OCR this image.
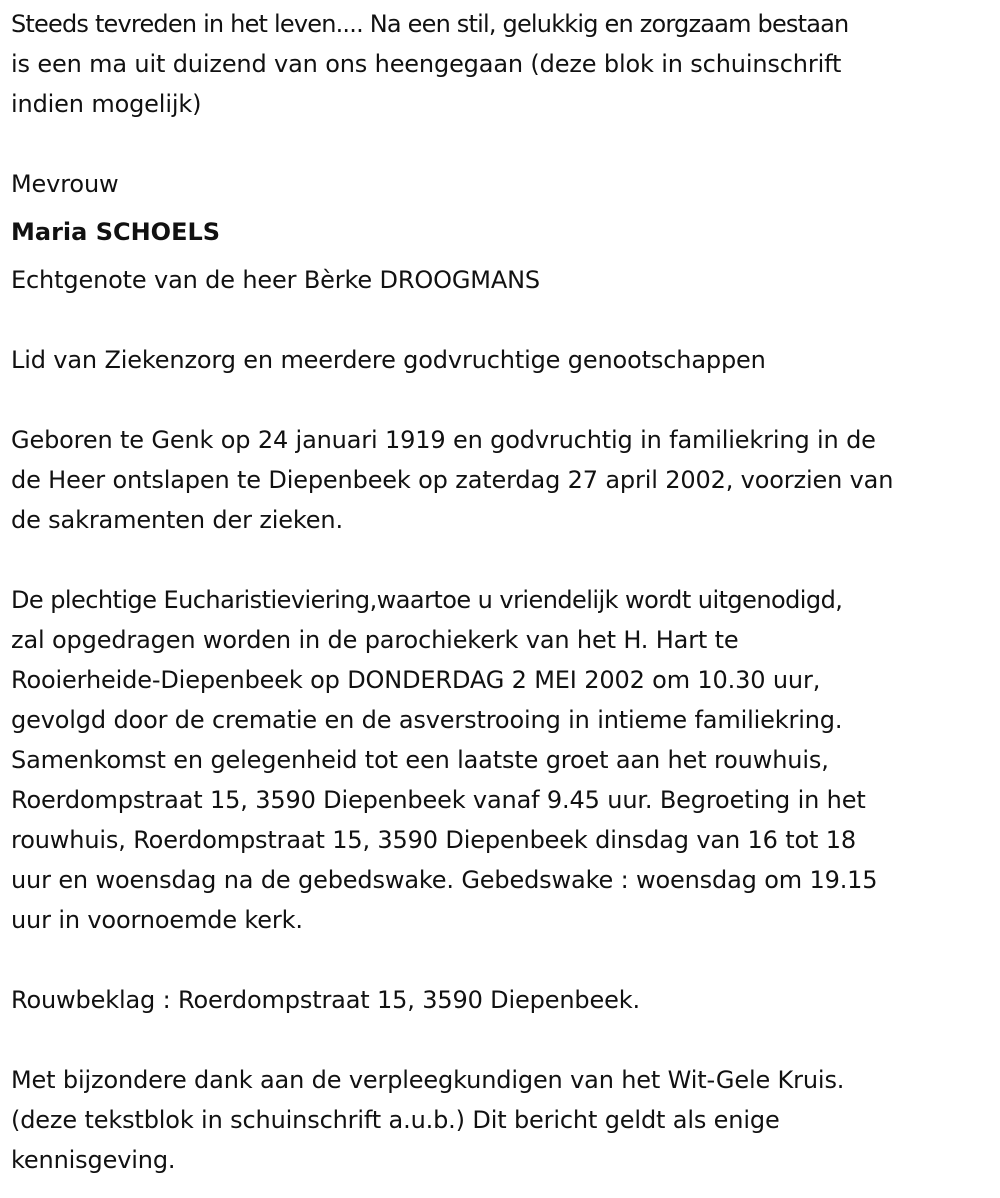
Steeds tevreden in het leven.... Na een stil, gelukkig en zorgzaam bestaan
is een ma uit duizend van ons heengegaan (deze blok in schuinschrift
indien mogelijk)
Mevrouw
Maria SCHOELS
Echtgenote van de heer Bèrke DROOGMANS
Lid van Ziekenzorg en meerdere godvruchtige genootschappen
Geboren te Genk op 24 januari 1919 en godvruchtig in familiekring in de
de Heer ontslapen te Diepenbeek op zaterdag 27 april 2002, voorzien van
de sakramenten der zieken.
De plechtige Eucharistieviering,waartoe u vriendelijk wordt uitgenodigd,
zal opgedragen worden in de parochiekerk van het H. Hart te
Rooierheide-Diepenbeek op DONDERDAG 2 MEI 2002 om 10.30 uur,
gevolgd door de crematie en de asverstrooing in intieme familiekring.
Samenkomst en gelegenheid tot een laatste groet aan het rouwhuis,
Roerdompstraat 15, 3590 Diepenbeek vanaf 9.45 uur. Begroeting in het
rouwhuis, Roerdompstraat 15, 3590 Diepenbeek dinsdag van 16 tot 18
uur en woensdag na de gebedswake. Gebedswake : woensdag om 19.15
uur in voornoemde kerk.
Rouwbeklag : Roerdompstraat 15, 3590 Diepenbeek.
Met bijzondere dank aan de verpleegkundigen van het Wit-Gele Kruis.
(deze tekstblok in schuinschrift a.u.b.) Dit bericht geldt als enige
kennisgeving.
